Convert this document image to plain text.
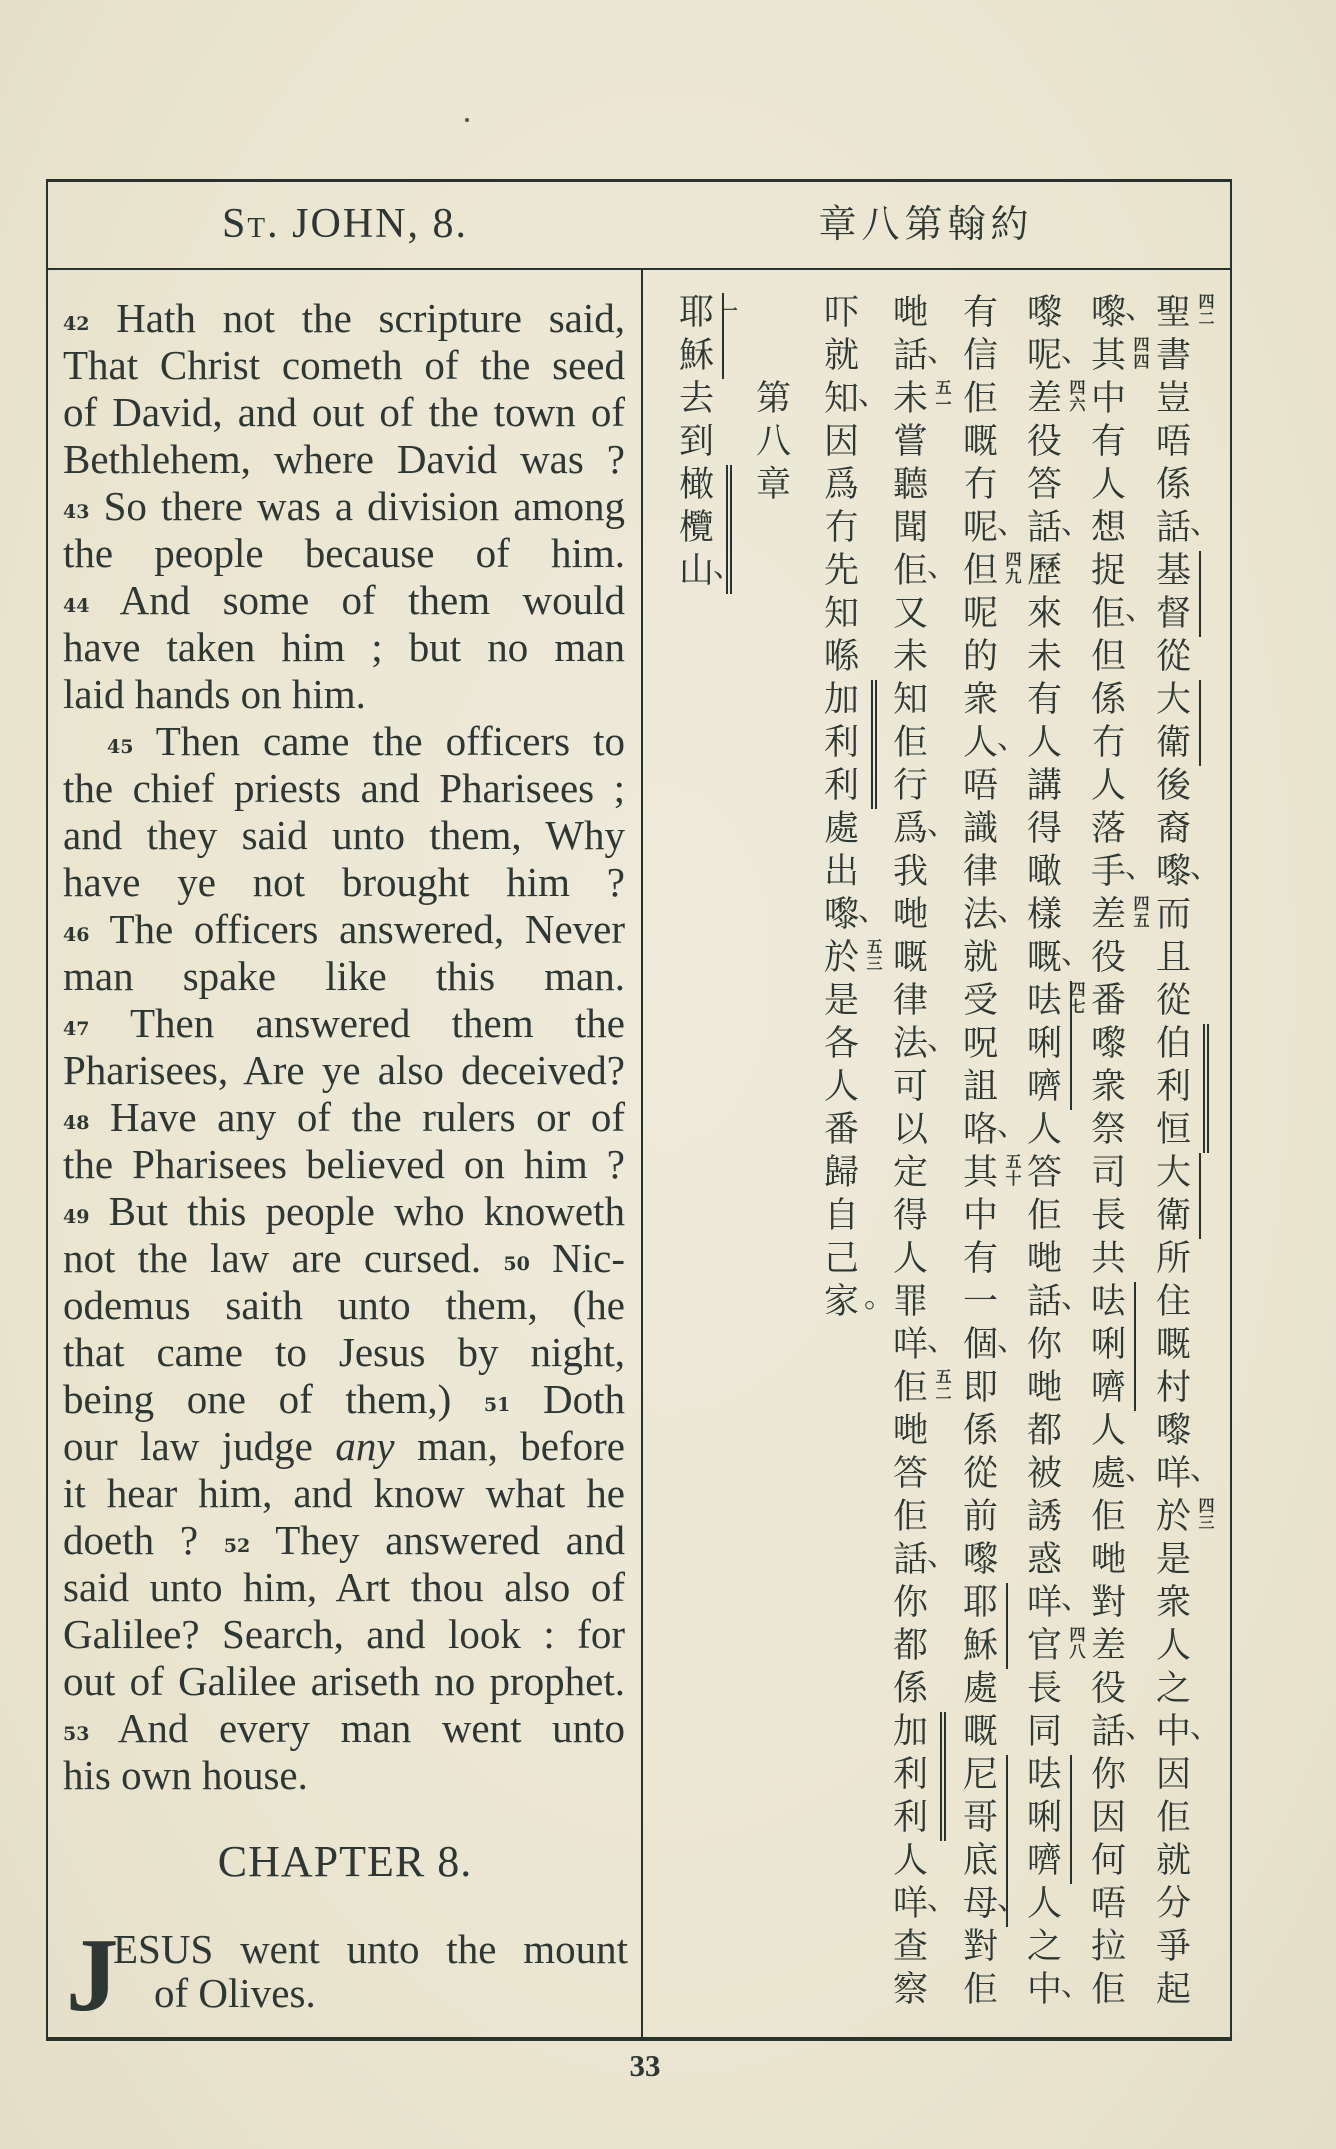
St. JOHN, 8.	章八第翰約
42 Hath not the scripture said,
That Christ cometh of the seed
of David, and out of the town of
Bethlehem, where David was ?
43 So there was a division among
the people because of him.
44 And some of them would
have taken him ; but no man
laid hands on him.
45 Then came the officers to
the chief priests and Pharisees ;
and they said unto them, Why
have ye not brought him ?
46 The officers answered, Never
man spake like this man.
47 Then answered them the
Pharisees, Are ye also deceived?
48 Have any of the rulers or of
the Pharisees believed on him ?
49 But this people who knoweth
not the law are cursed. 50 Nic-
odemus saith unto them, (he
that came to Jesus by night,
being one of them,) 51 Doth
our law judge any man, before
it hear him, and know what he
doeth ? 52 They answered and
said unto him, Art thou also of
Galilee? Search, and look : for
out of Galilee ariseth no prophet.
53 And every man went unto
his own house.
CHAPTER 8.
J
ESUS went unto the mount
of Olives.
四二
聖書豈唔係話 、
基督
從
大衛
後裔嚟 、
而且從
伯利恒
大衛
所住嘅村嚟咩 、
四三
於是衆人之中 、
因佢就分爭起
嚟 、
四四
其中有人想捉佢 、
但係冇人落手 、
四五
差役番嚟衆祭司長共
呿唎嚌
人處 、
佢哋對差役話 、
你因何唔拉佢
嚟呢 、
四六
差役答話 、
歷來未有人講得噉樣嘅 、
四七
呿唎嚌
人答佢哋話 、
你哋都被誘惑咩 、
四八
官長同
呿唎嚌
人之中 、
有信佢嘅冇呢 、
四九
但呢的衆人 、
唔識律法 、
就受呪詛咯 、
五十
其中有一個 、
即係從前嚟
耶穌
處嘅
尼哥底母 、
對佢
哋話 、
五一
未嘗聽聞佢 、
又未知佢行爲 、
我哋嘅律法 、
可以定得人罪咩 、
五二
佢哋答佢話 、
你都係
加利利
人咩 、
查察
吓就知 、
因爲冇先知喺
加利利
處出嚟 、
五三
於是各人番歸自己家 。
第八章
一
耶穌
去到
橄欖山 、
33
